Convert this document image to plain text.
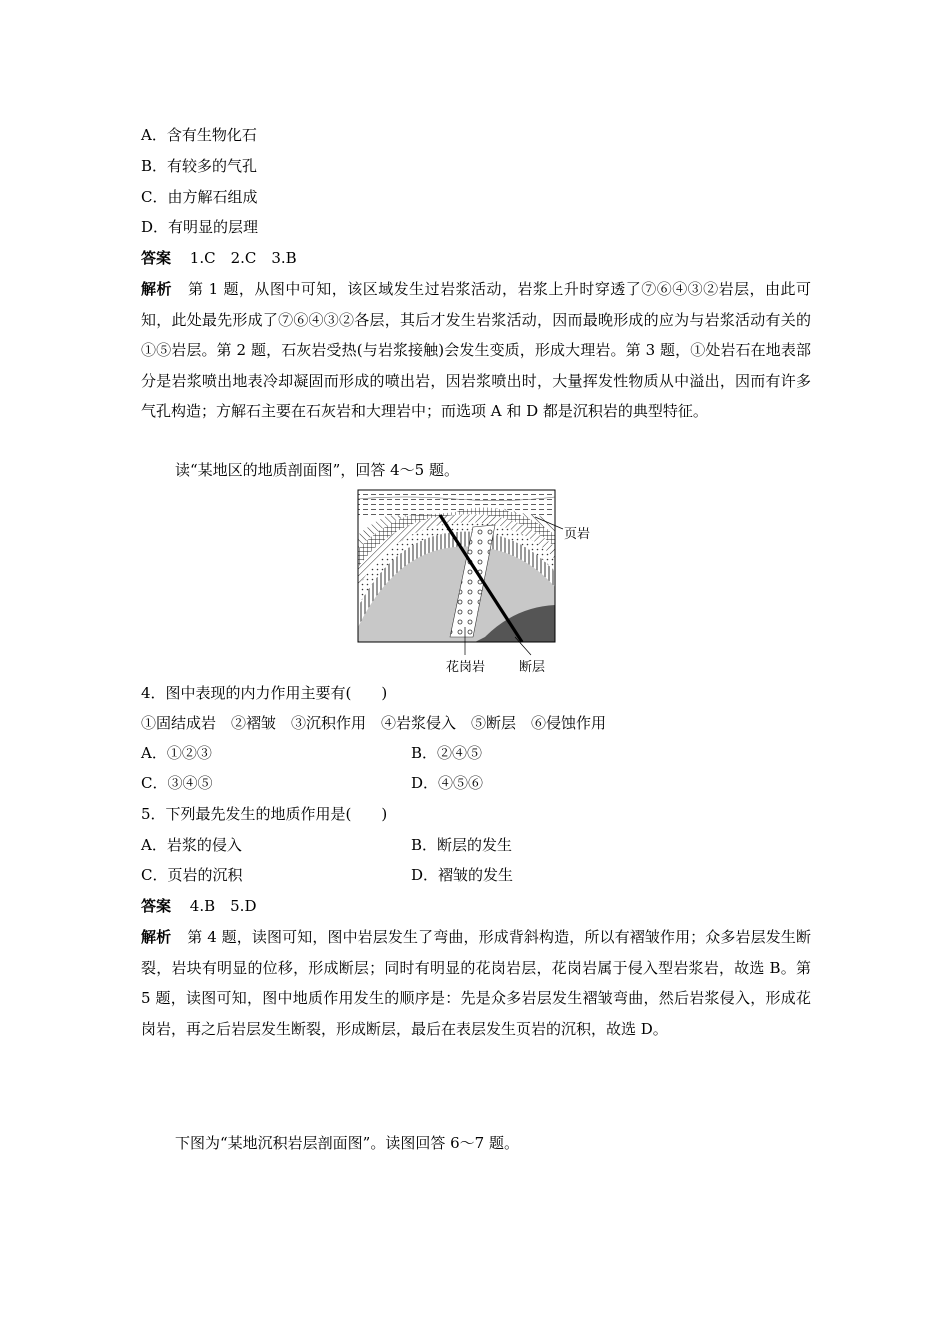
A．含有生物化石
B．有较多的气孔
C．由方解石组成
D．有明显的层理
答案 1.C　2.C　3.B
解析 第 1 题，从图中可知，该区域发生过岩浆活动，岩浆上升时穿透了⑦⑥④③②岩层，由此可知，此处最先形成了⑦⑥④③②各层，其后才发生岩浆活动，因而最晚形成的应为与岩浆活动有关的①⑤岩层。第 2 题，石灰岩受热(与岩浆接触)会发生变质，形成大理岩。第 3 题，①处岩石在地表部分是岩浆喷出地表冷却凝固而形成的喷出岩，因岩浆喷出时，大量挥发性物质从中溢出，因而有许多气孔构造；方解石主要在石灰岩和大理岩中；而选项 A 和 D 都是沉积岩的典型特征。
读“某地区的地质剖面图”，回答 4～5 题。
页岩
花岗岩	断层
4．图中表现的内力作用主要有(　　)
①固结成岩　②褶皱　③沉积作用　④岩浆侵入　⑤断层　⑥侵蚀作用
A．①②③	B．②④⑤
C．③④⑤	D．④⑤⑥
5．下列最先发生的地质作用是(　　)
A．岩浆的侵入	B．断层的发生
C．页岩的沉积	D．褶皱的发生
答案 4.B　5.D
解析 第 4 题，读图可知，图中岩层发生了弯曲，形成背斜构造，所以有褶皱作用；众多岩层发生断裂，岩块有明显的位移，形成断层；同时有明显的花岗岩层，花岗岩属于侵入型岩浆岩，故选 B。第 5 题，读图可知，图中地质作用发生的顺序是：先是众多岩层发生褶皱弯曲，然后岩浆侵入，形成花岗岩，再之后岩层发生断裂，形成断层，最后在表层发生页岩的沉积，故选 D。
下图为“某地沉积岩层剖面图”。读图回答 6～7 题。
